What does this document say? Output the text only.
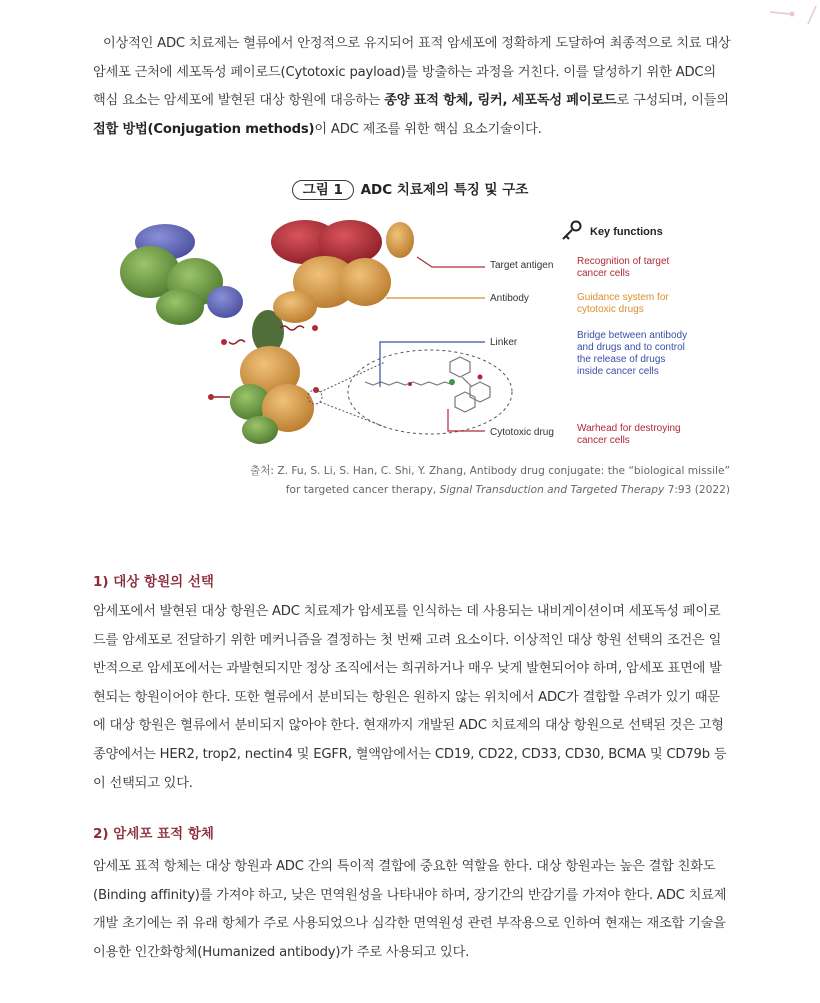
이상적인 ADC 치료제는 혈류에서 안정적으로 유지되어 표적 암세포에 정확하게 도달하여 최종적으로 치료 대상 암세포 근처에 세포독성 페이로드(Cytotoxic payload)를 방출하는 과정을 거친다. 이를 달성하기 위한 ADC의 핵심 요소는 암세포에 발현된 대상 항원에 대응하는 종양 표적 항체, 링커, 세포독성 페이로드로 구성되며, 이들의 접합 방법(Conjugation methods)이 ADC 제조를 위한 핵심 요소기술이다.

그림 1 ADC 치료제의 특징 및 구조
Key functions
Target antigen
Antibody
Linker
Cytotoxic drug
Recognition of target
cancer cells
Guidance system for
cytotoxic drugs
Bridge between antibody
and drugs and to control
the release of drugs
inside cancer cells
Warhead for destroying
cancer cells
출처: Z. Fu, S. Li, S. Han, C. Shi, Y. Zhang, Antibody drug conjugate: the “biological missile”
for targeted cancer therapy, Signal Transduction and Targeted Therapy 7:93 (2022)
1) 대상 항원의 선택

암세포에서 발현된 대상 항원은 ADC 치료제가 암세포를 인식하는 데 사용되는 내비게이션이며 세포독성 페이로드를 암세포로 전달하기 위한 메커니즘을 결정하는 첫 번째 고려 요소이다. 이상적인 대상 항원 선택의 조건은 일반적으로 암세포에서는 과발현되지만 정상 조직에서는 희귀하거나 매우 낮게 발현되어야 하며, 암세포 표면에 발현되는 항원이어야 한다. 또한 혈류에서 분비되는 항원은 원하지 않는 위치에서 ADC가 결합할 우려가 있기 때문에 대상 항원은 혈류에서 분비되지 않아야 한다. 현재까지 개발된 ADC 치료제의 대상 항원으로 선택된 것은 고형 종양에서는 HER2, trop2, nectin4 및 EGFR, 혈액암에서는 CD19, CD22, CD33, CD30, BCMA 및 CD79b 등이 선택되고 있다.

2) 암세포 표적 항체

암세포 표적 항체는 대상 항원과 ADC 간의 특이적 결합에 중요한 역할을 한다. 대상 항원과는 높은 결합 친화도(Binding affinity)를 가져야 하고, 낮은 면역원성을 나타내야 하며, 장기간의 반감기를 가져야 한다. ADC 치료제 개발 초기에는 쥐 유래 항체가 주로 사용되었으나 심각한 면역원성 관련 부작용으로 인하여 현재는 재조합 기술을 이용한 인간화항체(Humanized antibody)가 주로 사용되고 있다.
